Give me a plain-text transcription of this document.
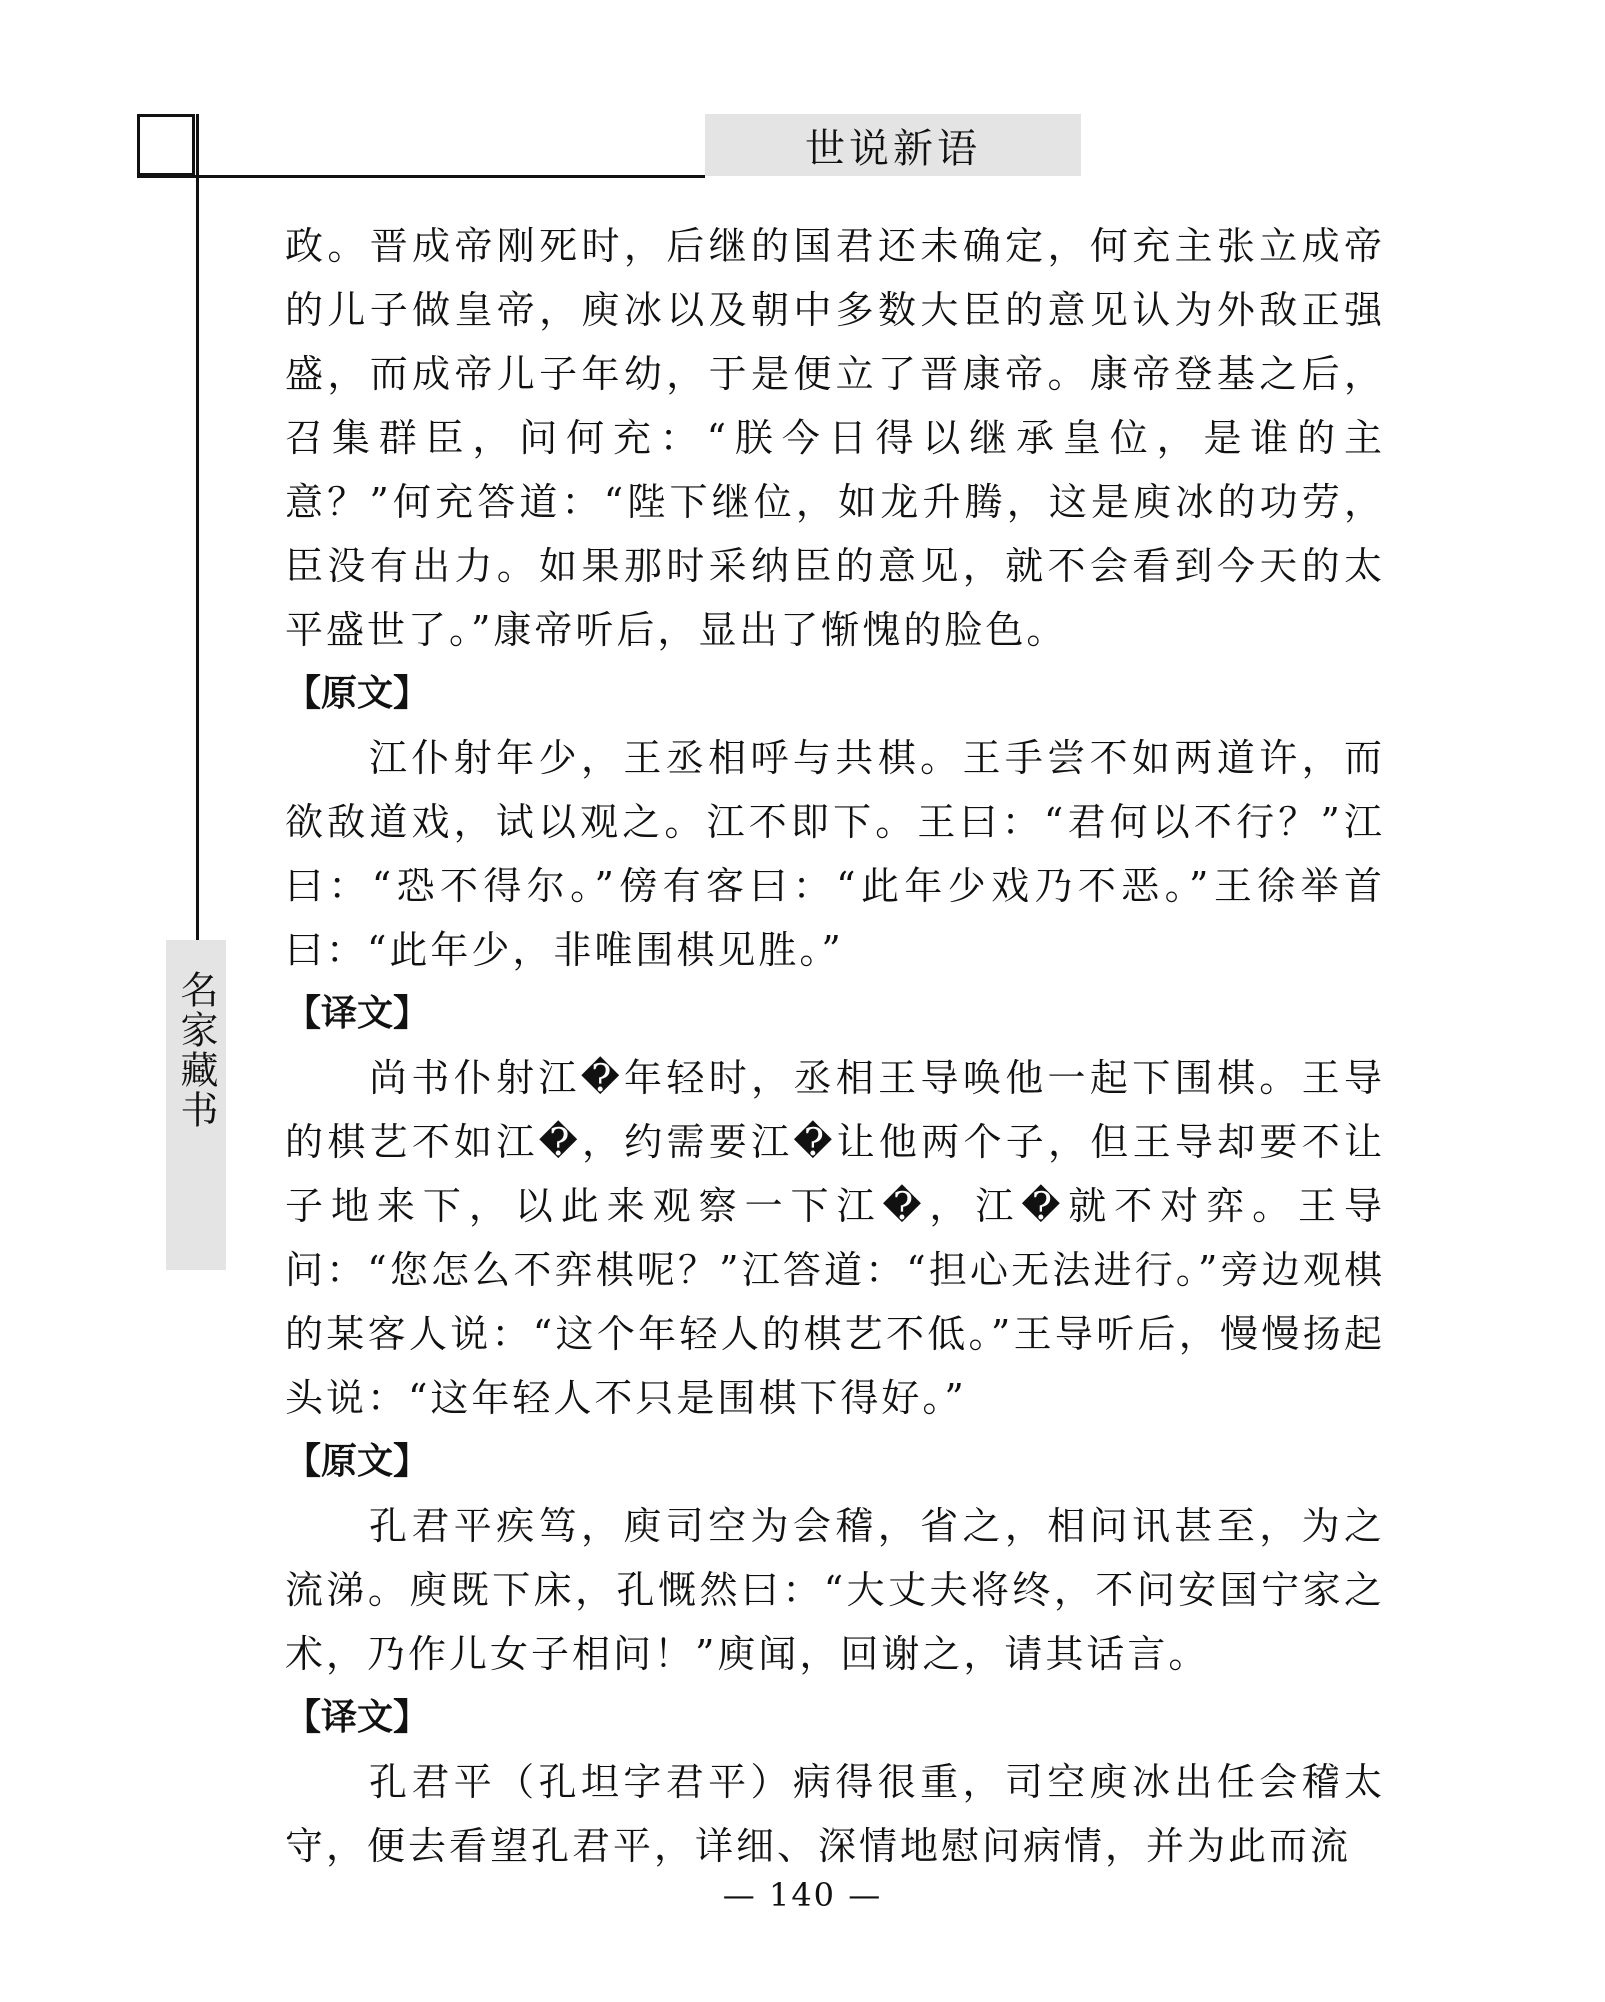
世说新语
名家藏书

政。晋成帝刚死时，后继的国君还未确定，何充主张立成帝的儿子做皇帝，庾冰以及朝中多数大臣的意见认为外敌正强盛，而成帝儿子年幼，于是便立了晋康帝。康帝登基之后，召集群臣，问何充：“朕今日得以继承皇位，是谁的主意？”何充答道：“陛下继位，如龙升腾，这是庾冰的功劳，臣没有出力。如果那时采纳臣的意见，就不会看到今天的太平盛世了。”康帝听后，显出了惭愧的脸色。

【原文】

江仆射年少，王丞相呼与共棋。王手尝不如两道许，而欲敌道戏，试以观之。江不即下。王曰：“君何以不行？”江曰：“恐不得尔。”傍有客曰：“此年少戏乃不恶。”王徐举首曰：“此年少，非唯围棋见胜。”

【译文】

尚书仆射江�年轻时，丞相王导唤他一起下围棋。王导的棋艺不如江�，约需要江�让他两个子，但王导却要不让子地来下，以此来观察一下江�，江�就不对弈。王导问：“您怎么不弈棋呢？”江答道：“担心无法进行。”旁边观棋的某客人说：“这个年轻人的棋艺不低。”王导听后，慢慢扬起头说：“这年轻人不只是围棋下得好。”

【原文】

孔君平疾笃，庾司空为会稽，省之，相问讯甚至，为之流涕。庾既下床，孔慨然曰：“大丈夫将终，不问安国宁家之术，乃作儿女子相问！”庾闻，回谢之，请其话言。

【译文】

孔君平（孔坦字君平）病得很重，司空庾冰出任会稽太守，便去看望孔君平，详细、深情地慰问病情，并为此而流

— 140 —
